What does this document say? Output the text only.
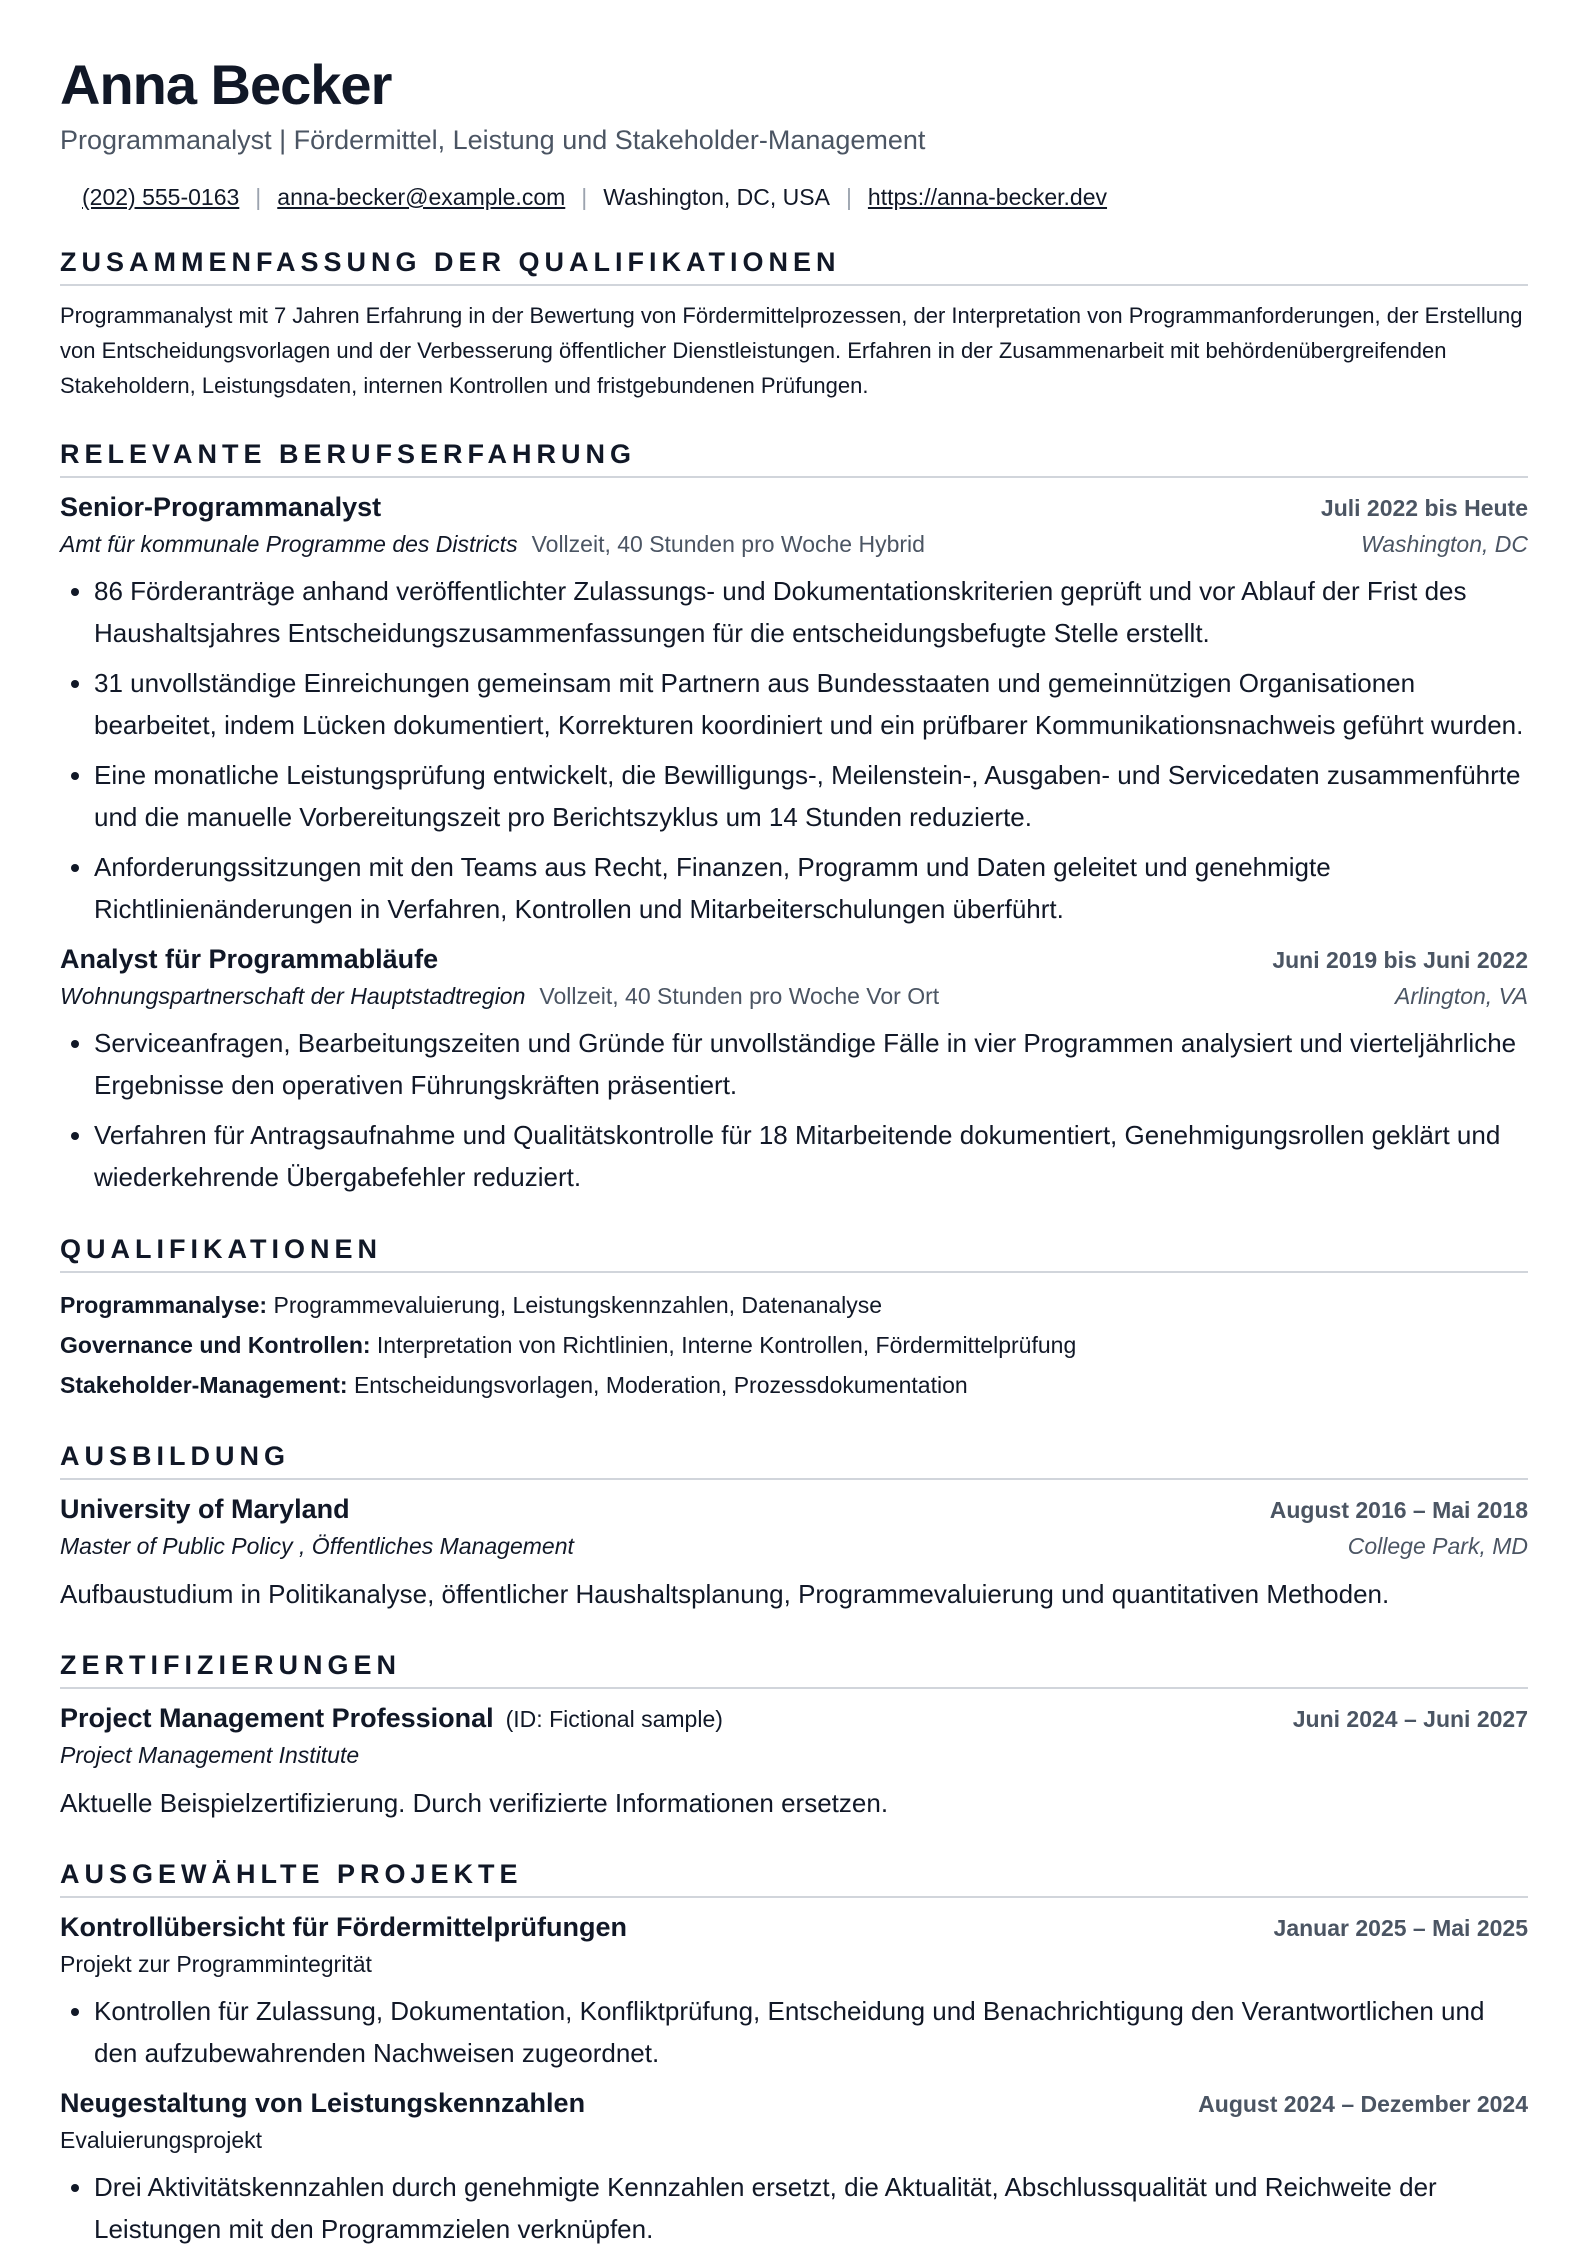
Anna Becker
Programmanalyst | Fördermittel, Leistung und Stakeholder-Management
(202) 555-0163 | anna-becker@example.com | Washington, DC, USA | https://anna-becker.dev
ZUSAMMENFASSUNG DER QUALIFIKATIONEN
Programmanalyst mit 7 Jahren Erfahrung in der Bewertung von Fördermittelprozessen, der Interpretation von Programmanforderungen, der Erstellung von Entscheidungsvorlagen und der Verbesserung öffentlicher Dienstleistungen. Erfahren in der Zusammenarbeit mit behördenübergreifenden Stakeholdern, Leistungsdaten, internen Kontrollen und fristgebundenen Prüfungen.
RELEVANTE BERUFSERFAHRUNG
Senior-Programmanalyst	Juli 2022 bis Heute
Amt für kommunale Programme des Districts Vollzeit, 40 Stunden pro Woche Hybrid	Washington, DC
• 86 Förderanträge anhand veröffentlichter Zulassungs- und Dokumentationskriterien geprüft und vor Ablauf der Frist des Haushaltsjahres Entscheidungszusammenfassungen für die entscheidungsbefugte Stelle erstellt.
• 31 unvollständige Einreichungen gemeinsam mit Partnern aus Bundesstaaten und gemeinnützigen Organisationen bearbeitet, indem Lücken dokumentiert, Korrekturen koordiniert und ein prüfbarer Kommunikationsnachweis geführt wurden.
• Eine monatliche Leistungsprüfung entwickelt, die Bewilligungs-, Meilenstein-, Ausgaben- und Servicedaten zusammenführte und die manuelle Vorbereitungszeit pro Berichtszyklus um 14 Stunden reduzierte.
• Anforderungssitzungen mit den Teams aus Recht, Finanzen, Programm und Daten geleitet und genehmigte Richtlinienänderungen in Verfahren, Kontrollen und Mitarbeiterschulungen überführt.
Analyst für Programmabläufe	Juni 2019 bis Juni 2022
Wohnungspartnerschaft der Hauptstadtregion Vollzeit, 40 Stunden pro Woche Vor Ort	Arlington, VA
• Serviceanfragen, Bearbeitungszeiten und Gründe für unvollständige Fälle in vier Programmen analysiert und vierteljährliche Ergebnisse den operativen Führungskräften präsentiert.
• Verfahren für Antragsaufnahme und Qualitätskontrolle für 18 Mitarbeitende dokumentiert, Genehmigungsrollen geklärt und wiederkehrende Übergabefehler reduziert.
QUALIFIKATIONEN
Programmanalyse: Programmevaluierung, Leistungskennzahlen, Datenanalyse
Governance und Kontrollen: Interpretation von Richtlinien, Interne Kontrollen, Fördermittelprüfung
Stakeholder-Management: Entscheidungsvorlagen, Moderation, Prozessdokumentation
AUSBILDUNG
University of Maryland	August 2016 – Mai 2018
Master of Public Policy , Öffentliches Management	College Park, MD
Aufbaustudium in Politikanalyse, öffentlicher Haushaltsplanung, Programmevaluierung und quantitativen Methoden.
ZERTIFIZIERUNGEN
Project Management Professional (ID: Fictional sample)	Juni 2024 – Juni 2027
Project Management Institute
Aktuelle Beispielzertifizierung. Durch verifizierte Informationen ersetzen.
AUSGEWÄHLTE PROJEKTE
Kontrollübersicht für Fördermittelprüfungen	Januar 2025 – Mai 2025
Projekt zur Programmintegrität
• Kontrollen für Zulassung, Dokumentation, Konfliktprüfung, Entscheidung und Benachrichtigung den Verantwortlichen und den aufzubewahrenden Nachweisen zugeordnet.
Neugestaltung von Leistungskennzahlen	August 2024 – Dezember 2024
Evaluierungsprojekt
• Drei Aktivitätskennzahlen durch genehmigte Kennzahlen ersetzt, die Aktualität, Abschlussqualität und Reichweite der Leistungen mit den Programmzielen verknüpfen.
